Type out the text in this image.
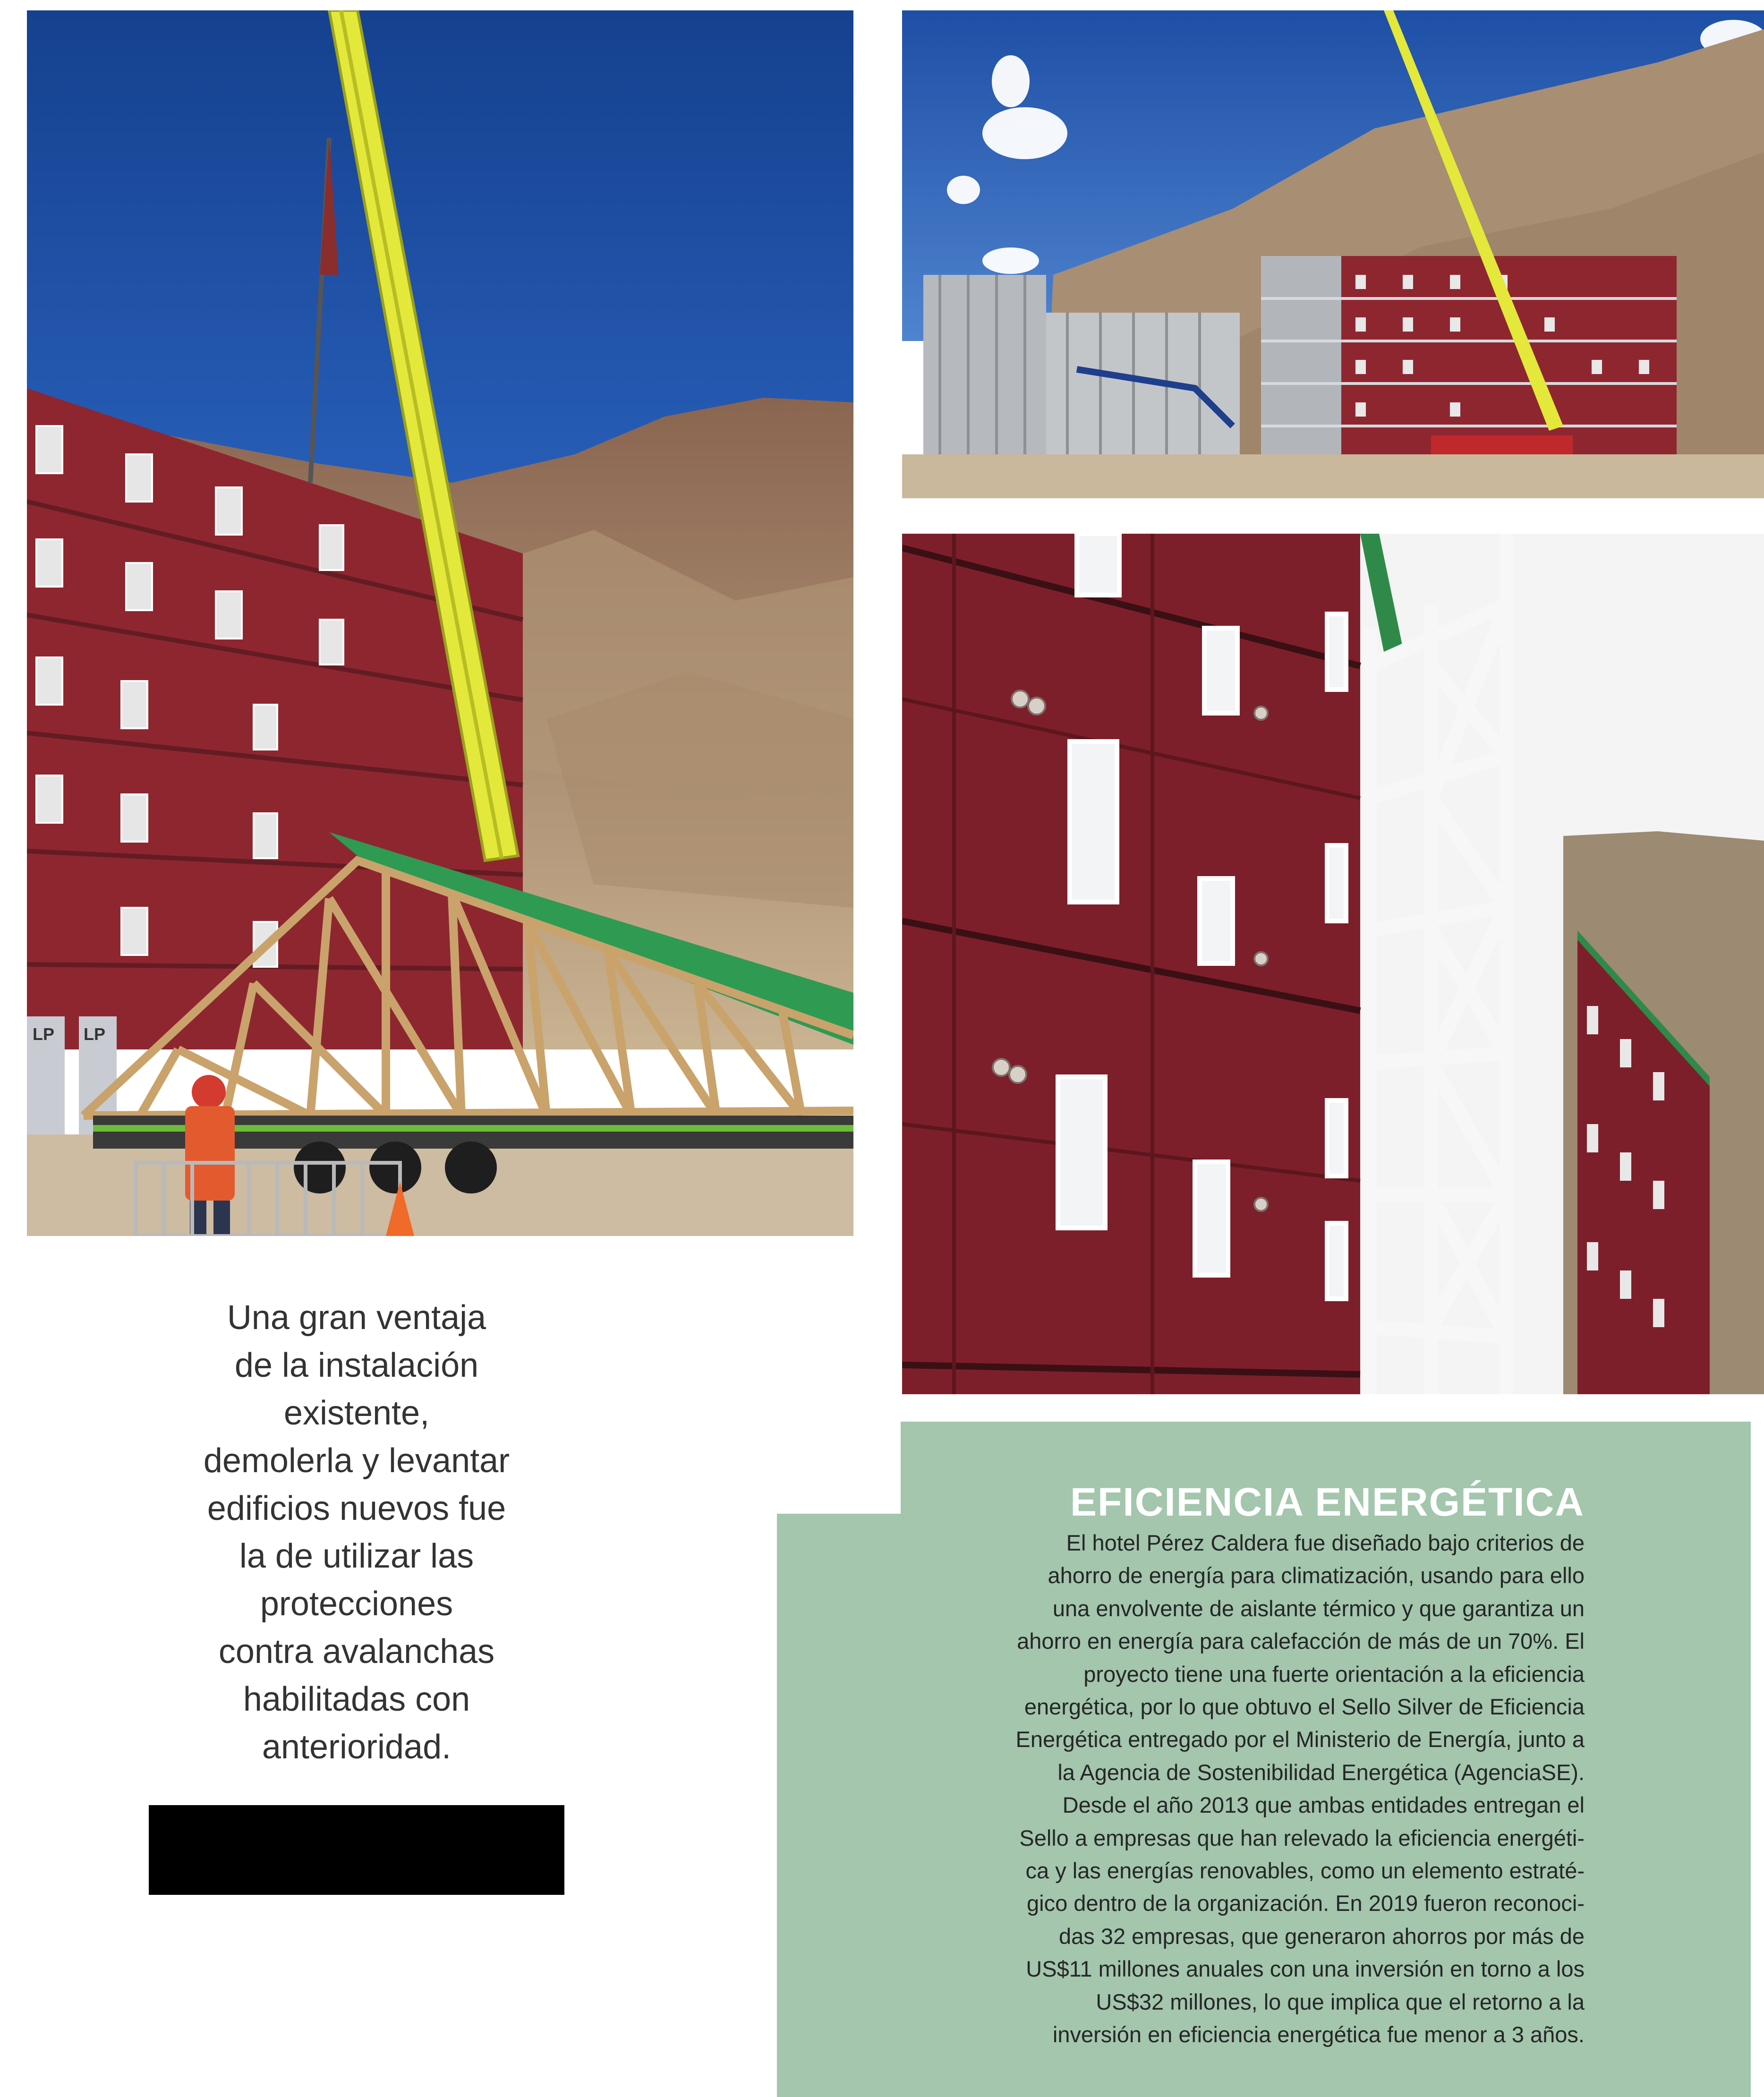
LP LP
Una gran ventaja
de la instalación
existente,
demolerla y levantar
edificios nuevos fue
la de utilizar las
protecciones
contra avalanchas
habilitadas con
anterioridad.
EFICIENCIA ENERGÉTICA
El hotel Pérez Caldera fue diseñado bajo criterios de
ahorro de energía para climatización, usando para ello
una envolvente de aislante térmico y que garantiza un
ahorro en energía para calefacción de más de un 70%. El
proyecto tiene una fuerte orientación a la eficiencia
energética, por lo que obtuvo el Sello Silver de Eficiencia
Energética entregado por el Ministerio de Energía, junto a
la Agencia de Sostenibilidad Energética (AgenciaSE).
Desde el año 2013 que ambas entidades entregan el
Sello a empresas que han relevado la eficiencia energéti-
ca y las energías renovables, como un elemento estraté-
gico dentro de la organización. En 2019 fueron reconoci-
das 32 empresas, que generaron ahorros por más de
US$11 millones anuales con una inversión en torno a los
US$32 millones, lo que implica que el retorno a la
inversión en eficiencia energética fue menor a 3 años.
